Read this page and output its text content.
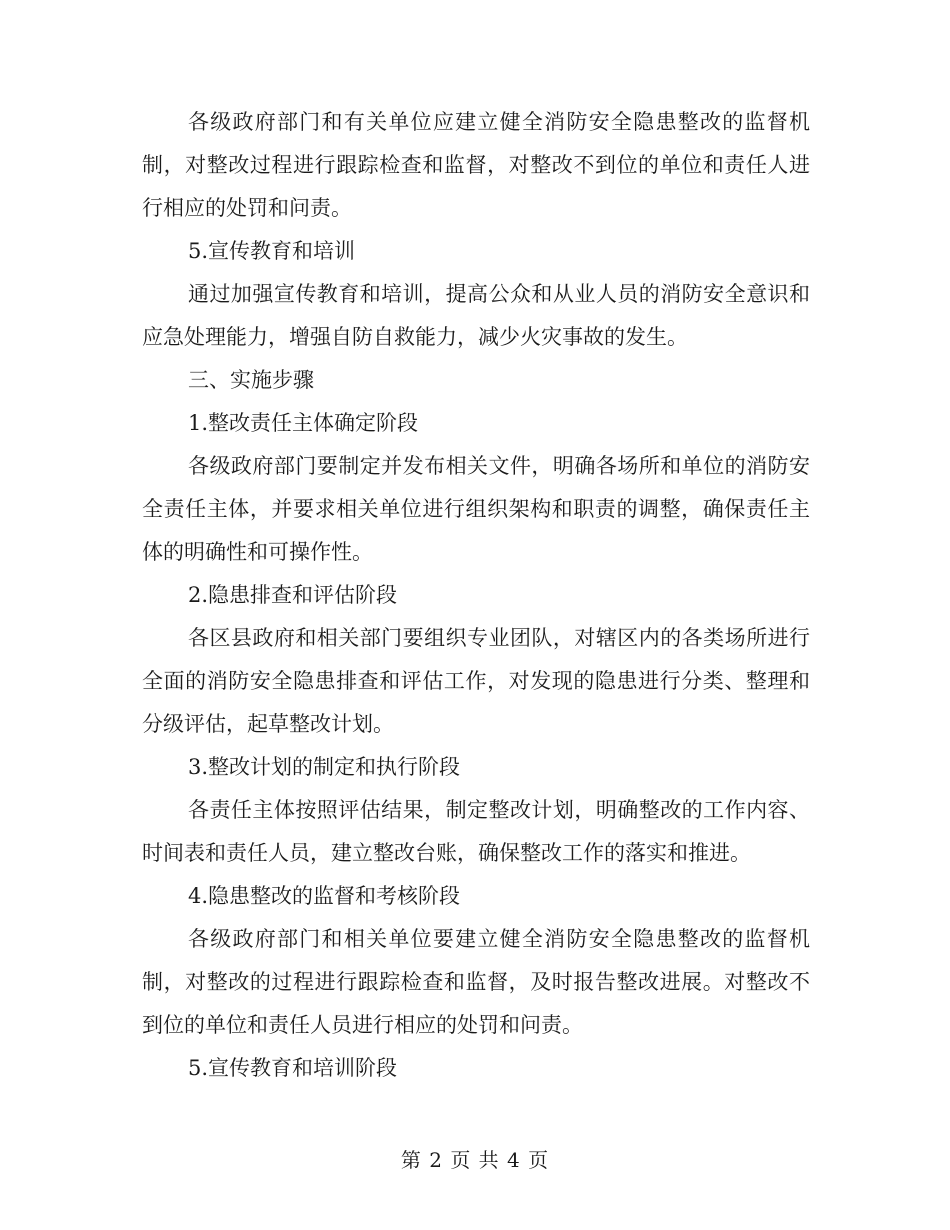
各级政府部门和有关单位应建立健全消防安全隐患整改的监督机制，对整改过程进行跟踪检查和监督，对整改不到位的单位和责任人进行相应的处罚和问责。

5.宣传教育和培训

通过加强宣传教育和培训，提高公众和从业人员的消防安全意识和应急处理能力，增强自防自救能力，减少火灾事故的发生。

三、实施步骤

1.整改责任主体确定阶段

各级政府部门要制定并发布相关文件，明确各场所和单位的消防安全责任主体，并要求相关单位进行组织架构和职责的调整，确保责任主体的明确性和可操作性。

2.隐患排查和评估阶段

各区县政府和相关部门要组织专业团队，对辖区内的各类场所进行全面的消防安全隐患排查和评估工作，对发现的隐患进行分类、整理和分级评估，起草整改计划。

3.整改计划的制定和执行阶段

各责任主体按照评估结果，制定整改计划，明确整改的工作内容、时间表和责任人员，建立整改台账，确保整改工作的落实和推进。

4.隐患整改的监督和考核阶段

各级政府部门和相关单位要建立健全消防安全隐患整改的监督机制，对整改的过程进行跟踪检查和监督，及时报告整改进展。对整改不到位的单位和责任人员进行相应的处罚和问责。

5.宣传教育和培训阶段

第 2 页 共 4 页
